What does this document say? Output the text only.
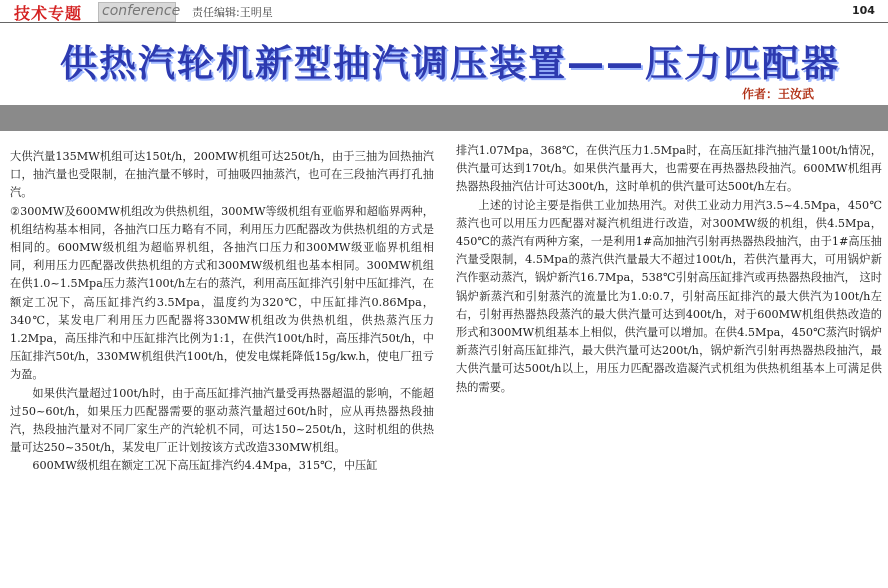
技术专题 conference 责任编辑:王明星	104
供热汽轮机新型抽汽调压装置——压力匹配器
作者：王汝武

大供汽量135MW机组可达150t/h，200MW机组可达250t/h，由于三抽为回热抽汽口，抽汽量也受限制，在抽汽量不够时，可抽吸四抽蒸汽，也可在三段抽汽再打孔抽汽。

②300MW及600MW机组改为供热机组，300MW等级机组有亚临界和超临界两种，机组结构基本相同，各抽汽口压力略有不同，利用压力匹配器改为供热机组的方式是相同的。600MW级机组为超临界机组，各抽汽口压力和300MW级亚临界机组相同，利用压力匹配器改供热机组的方式和300MW级机组也基本相同。300MW机组在供1.0~1.5Mpa压力蒸汽100t/h左右的蒸汽，利用高压缸排汽引射中压缸排汽，在额定工况下，高压缸排汽约3.5Mpa，温度约为320℃，中压缸排汽0.86Mpa，340℃，某发电厂利用压力匹配器将330MW机组改为供热机组，供热蒸汽压力1.2Mpa，高压排汽和中压缸排汽比例为1:1，在供汽100t/h时，高压排汽50t/h，中压缸排汽50t/h，330MW机组供汽100t/h，使发电煤耗降低15g/kw.h，使电厂扭亏为盈。

如果供汽量超过100t/h时，由于高压缸排汽抽汽量受再热器超温的影响，不能超过50~60t/h，如果压力匹配器需要的驱动蒸汽量超过60t/h时，应从再热器热段抽汽，热段抽汽量对不同厂家生产的汽轮机不同，可达150~250t/h，这时机组的供热量可达250~350t/h，某发电厂正计划按该方式改造330MW机组。

600MW级机组在额定工况下高压缸排汽约4.4Mpa，315℃，中压缸

排汽1.07Mpa，368℃，在供汽压力1.5Mpa时，在高压缸排汽抽汽量100t/h情况，供汽量可达到170t/h。如果供汽量再大，也需要在再热器热段抽汽。600MW机组再热器热段抽汽估计可达300t/h，这时单机的供汽量可达500t/h左右。

上述的讨论主要是指供工业加热用汽。对供工业动力用汽3.5~4.5Mpa，450℃蒸汽也可以用压力匹配器对凝汽机组进行改造，对300MW级的机组，供4.5Mpa，450℃的蒸汽有两种方案，一是利用1#高加抽汽引射再热器热段抽汽，由于1#高压抽汽量受限制，4.5Mpa的蒸汽供汽量最大不超过100t/h，若供汽量再大，可用锅炉新汽作驱动蒸汽，锅炉新汽16.7Mpa，538℃引射高压缸排汽或再热器热段抽汽， 这时锅炉新蒸汽和引射蒸汽的流量比为1.0:0.7，引射高压缸排汽的最大供汽为100t/h左右，引射再热器热段蒸汽的最大供汽量可达到400t/h，对于600MW机组供热改造的形式和300MW机组基本上相似，供汽量可以增加。在供4.5Mpa，450℃蒸汽时锅炉新蒸汽引射高压缸排汽，最大供汽量可达200t/h，锅炉新汽引射再热器热段抽汽，最大供汽量可达500t/h以上，用压力匹配器改造凝汽式机组为供热机组基本上可满足供热的需要。
